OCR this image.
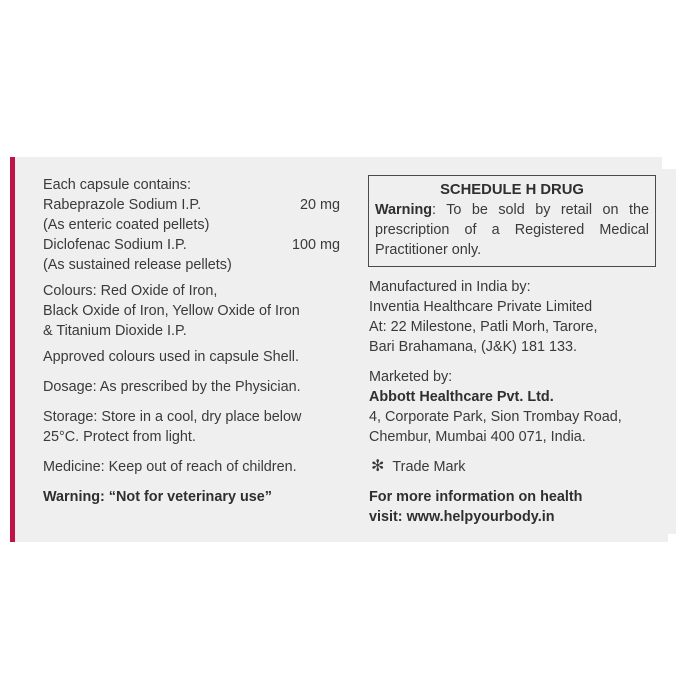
Each capsule contains:
Rabeprazole Sodium I.P.	20 mg
(As enteric coated pellets)
Diclofenac Sodium I.P.	100 mg
(As sustained release pellets)
Colours: Red Oxide of Iron,
Black Oxide of Iron, Yellow Oxide of Iron
& Titanium Dioxide I.P.
Approved colours used in capsule Shell.
Dosage: As prescribed by the Physician.
Storage: Store in a cool, dry place below
25°C. Protect from light.
Medicine: Keep out of reach of children.
Warning: “Not for veterinary use”
SCHEDULE H DRUG
Warning: To be sold by retail on the prescription of a Registered Medical Practitioner only.
Manufactured in India by:
Inventia Healthcare Private Limited
At: 22 Milestone, Patli Morh, Tarore,
Bari Brahamana, (J&K) 181 133.
Marketed by:
Abbott Healthcare Pvt. Ltd.
4, Corporate Park, Sion Trombay Road,
Chembur, Mumbai 400 071, India.
✻ Trade Mark
For more information on health
visit: www.helpyourbody.in
